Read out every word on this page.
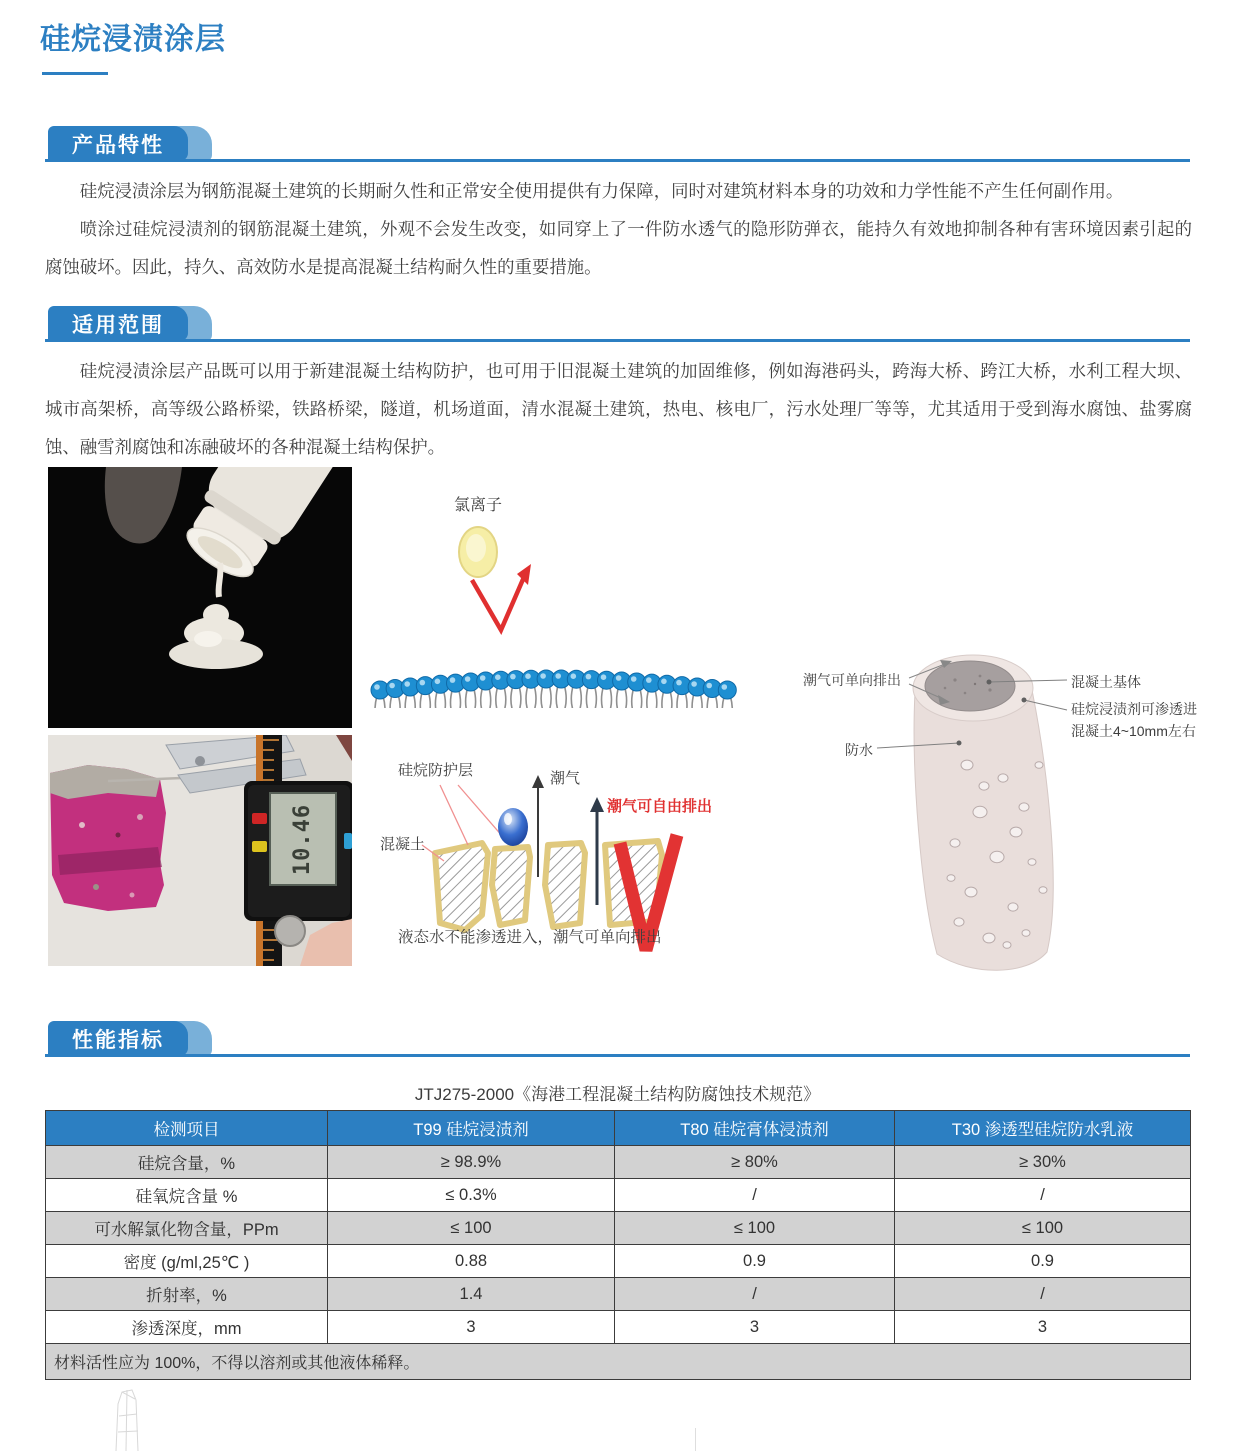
硅烷浸渍涂层
产品特性

硅烷浸渍涂层为钢筋混凝土建筑的长期耐久性和正常安全使用提供有力保障，同时对建筑材料本身的功效和力学性能不产生任何副作用。

喷涂过硅烷浸渍剂的钢筋混凝土建筑，外观不会发生改变，如同穿上了一件防水透气的隐形防弹衣，能持久有效地抑制各种有害环境因素引起的腐蚀破坏。因此，持久、高效防水是提高混凝土结构耐久性的重要措施。

适用范围

硅烷浸渍涂层产品既可以用于新建混凝土结构防护，也可用于旧混凝土建筑的加固维修，例如海港码头，跨海大桥、跨江大桥，水利工程大坝、城市高架桥，高等级公路桥梁，铁路桥梁，隧道，机场道面，清水混凝土建筑，热电、核电厂，污水处理厂等等，尤其适用于受到海水腐蚀、盐雾腐蚀、融雪剂腐蚀和冻融破坏的各种混凝土结构保护。

氯离子
潮气可单向排出	混凝土基体
硅烷浸渍剂可渗透进
混凝土4~10mm左右
防水
10.46
硅烷防护层	潮气
潮气可自由排出
混凝土
液态水不能渗透进入，潮气可单向排出
性能指标
JTJ275-2000《海港工程混凝土结构防腐蚀技术规范》
检测项目	T99 硅烷浸渍剂	T80 硅烷膏体浸渍剂	T30 渗透型硅烷防水乳液
硅烷含量，%	≥ 98.9%	≥ 80%	≥ 30%
硅氧烷含量 %	≤ 0.3%	/	/
可水解氯化物含量，PPm	≤ 100	≤ 100	≤ 100
密度 (g/ml,25℃ )	0.88	0.9	0.9
折射率，%	1.4	/	/
渗透深度，mm	3	3	3
材料活性应为 100%，不得以溶剂或其他液体稀释。			
